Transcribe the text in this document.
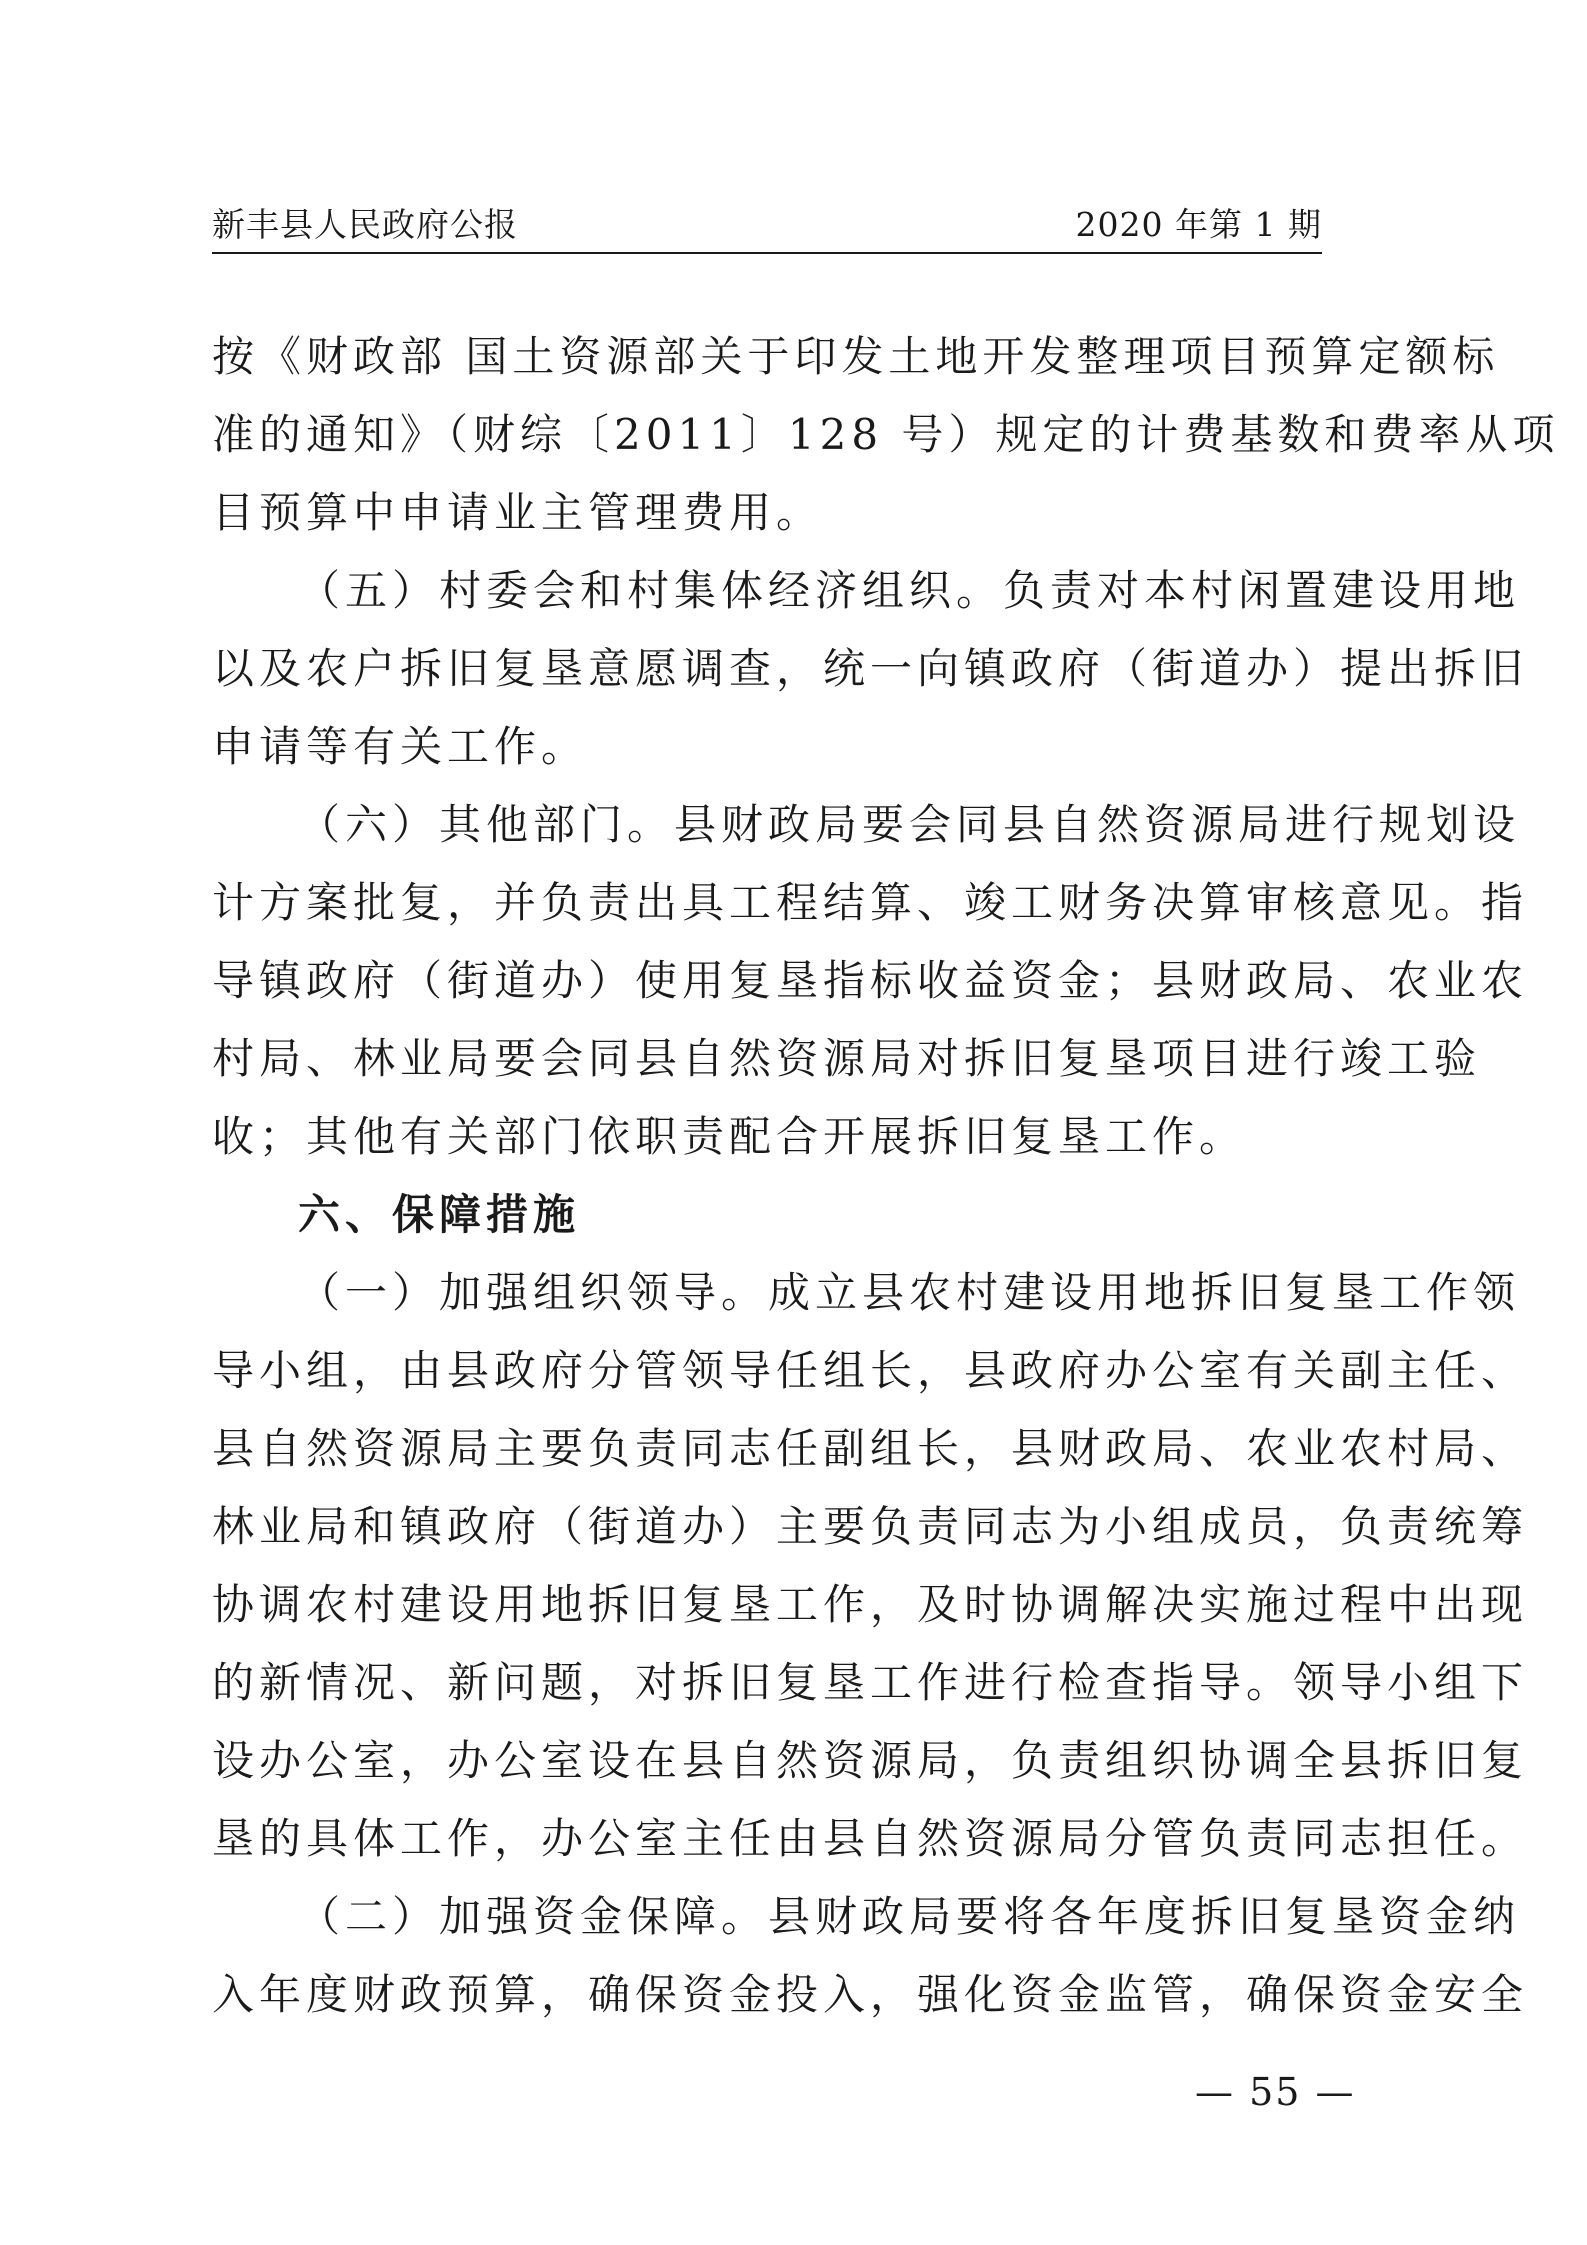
新丰县人民政府公报	2020 年第 1 期

按《财政部 国土资源部关于印发土地开发整理项目预算定额标
准的通知》（财综〔2011〕128 号）规定的计费基数和费率从项
目预算中申请业主管理费用。

（五）村委会和村集体经济组织。负责对本村闲置建设用地
以及农户拆旧复垦意愿调查，统一向镇政府（街道办）提出拆旧
申请等有关工作。

（六）其他部门。县财政局要会同县自然资源局进行规划设
计方案批复，并负责出具工程结算、竣工财务决算审核意见。指
导镇政府（街道办）使用复垦指标收益资金；县财政局、农业农
村局、林业局要会同县自然资源局对拆旧复垦项目进行竣工验
收；其他有关部门依职责配合开展拆旧复垦工作。

六、保障措施

（一）加强组织领导。成立县农村建设用地拆旧复垦工作领
导小组，由县政府分管领导任组长，县政府办公室有关副主任、
县自然资源局主要负责同志任副组长，县财政局、农业农村局、
林业局和镇政府（街道办）主要负责同志为小组成员，负责统筹
协调农村建设用地拆旧复垦工作，及时协调解决实施过程中出现
的新情况、新问题，对拆旧复垦工作进行检查指导。领导小组下
设办公室，办公室设在县自然资源局，负责组织协调全县拆旧复
垦的具体工作，办公室主任由县自然资源局分管负责同志担任。

（二）加强资金保障。县财政局要将各年度拆旧复垦资金纳
入年度财政预算，确保资金投入，强化资金监管，确保资金安全

— 55 —
